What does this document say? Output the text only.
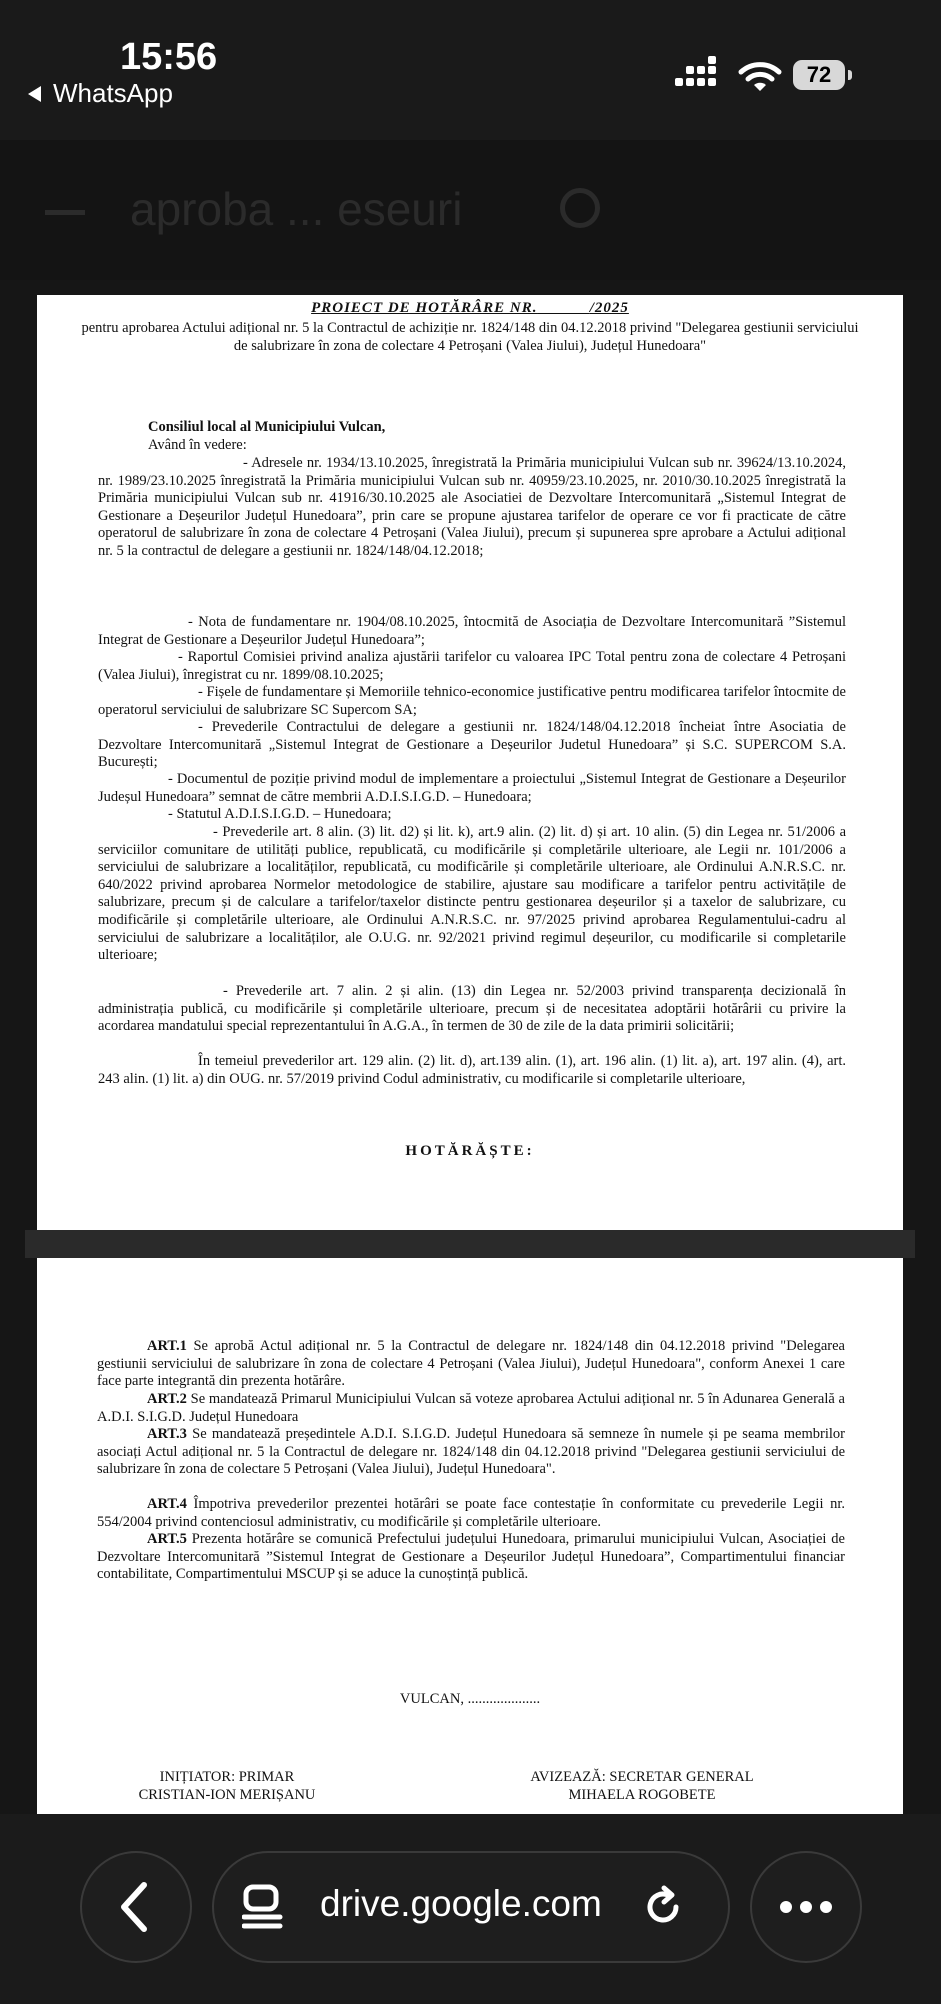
15:56
WhatsApp
72
aproba ... eseuri
PROIECT DE HOTĂRÂRE NR.	/2025
pentru aprobarea Actului adițional nr. 5 la Contractul de achiziție nr. 1824/148 din 04.12.2018 privind "Delegarea gestiunii serviciului de salubrizare în zona de colectare 4 Petroșani (Valea Jiului), Județul Hunedoara"
Consiliul local al Municipiului Vulcan,
Având în vedere:
- Adresele nr. 1934/13.10.2025, înregistrată la Primăria municipiului Vulcan sub nr. 39624/13.10.2024, nr. 1989/23.10.2025 înregistrată la Primăria municipiului Vulcan sub nr. 40959/23.10.2025, nr. 2010/30.10.2025 înregistrată la Primăria municipiului Vulcan sub nr. 41916/30.10.2025 ale Asociatiei de Dezvoltare Intercomunitară „Sistemul Integrat de Gestionare a Deșeurilor Județul Hunedoara”, prin care se propune ajustarea tarifelor de operare ce vor fi practicate de către operatorul de salubrizare în zona de colectare 4 Petroșani (Valea Jiului), precum și supunerea spre aprobare a Actului adițional nr. 5 la contractul de delegare a gestiunii nr. 1824/148/04.12.2018;
- Nota de fundamentare nr. 1904/08.10.2025, întocmită de Asociația de Dezvoltare Intercomunitară ”Sistemul Integrat de Gestionare a Deșeurilor Județul Hunedoara”;
- Raportul Comisiei privind analiza ajustării tarifelor cu valoarea IPC Total pentru zona de colectare 4 Petroșani (Valea Jiului), înregistrat cu nr. 1899/08.10.2025;
- Fișele de fundamentare și Memoriile tehnico-economice justificative pentru modificarea tarifelor întocmite de operatorul serviciului de salubrizare SC Supercom SA;
- Prevederile Contractului de delegare a gestiunii nr. 1824/148/04.12.2018 încheiat între Asociatia de Dezvoltare Intercomunitară „Sistemul Integrat de Gestionare a Deșeurilor Judetul Hunedoara” și S.C. SUPERCOM S.A. București;
- Documentul de poziție privind modul de implementare a proiectului „Sistemul Integrat de Gestionare a Deșeurilor Judeșul Hunedoara” semnat de către membrii A.D.I.S.I.G.D. – Hunedoara;
- Statutul A.D.I.S.I.G.D. – Hunedoara;
- Prevederile art. 8 alin. (3) lit. d2) și lit. k), art.9 alin. (2) lit. d) și art. 10 alin. (5) din Legea nr. 51/2006 a serviciilor comunitare de utilități publice, republicată, cu modificările și completările ulterioare, ale Legii nr. 101/2006 a serviciului de salubrizare a localităților, republicată, cu modificările și completările ulterioare, ale Ordinului A.N.R.S.C. nr. 640/2022 privind aprobarea Normelor metodologice de stabilire, ajustare sau modificare a tarifelor pentru activitățile de salubrizare, precum și de calculare a tarifelor/taxelor distincte pentru gestionarea deșeurilor și a taxelor de salubrizare, cu modificările și completările ulterioare, ale Ordinului A.N.R.S.C. nr. 97/2025 privind aprobarea Regulamentului-cadru al serviciului de salubrizare a localităților, ale O.U.G. nr. 92/2021 privind regimul deșeurilor, cu modificarile si completarile ulterioare;
- Prevederile art. 7 alin. 2 și alin. (13) din Legea nr. 52/2003 privind transparența decizională în administrația publică, cu modificările și completările ulterioare, precum și de necesitatea adoptării hotărârii cu privire la acordarea mandatului special reprezentantului în A.G.A., în termen de 30 de zile de la data primirii solicitării;
În temeiul prevederilor art. 129 alin. (2) lit. d), art.139 alin. (1), art. 196 alin. (1) lit. a), art. 197 alin. (4), art. 243 alin. (1) lit. a) din OUG. nr. 57/2019 privind Codul administrativ, cu modificarile si completarile ulterioare,
HOTĂRĂȘTE:
ART.1 Se aprobă Actul adițional nr. 5 la Contractul de delegare nr. 1824/148 din 04.12.2018 privind "Delegarea gestiunii serviciului de salubrizare în zona de colectare 4 Petroșani (Valea Jiului), Județul Hunedoara", conform Anexei 1 care face parte integrantă din prezenta hotărâre.
ART.2 Se mandatează Primarul Municipiului Vulcan să voteze aprobarea Actului adițional nr. 5 în Adunarea Generală a A.D.I. S.I.G.D. Județul Hunedoara
ART.3 Se mandatează președintele A.D.I. S.I.G.D. Județul Hunedoara să semneze în numele și pe seama membrilor asociați Actul adițional nr. 5 la Contractul de delegare nr. 1824/148 din 04.12.2018 privind "Delegarea gestiunii serviciului de salubrizare în zona de colectare 5 Petroșani (Valea Jiului), Județul Hunedoara".
ART.4 Împotriva prevederilor prezentei hotărâri se poate face contestație în conformitate cu prevederile Legii nr. 554/2004 privind contenciosul administrativ, cu modificările și completările ulterioare.
ART.5 Prezenta hotărâre se comunică Prefectului județului Hunedoara, primarului municipiului Vulcan, Asociației de Dezvoltare Intercomunitară ”Sistemul Integrat de Gestionare a Deșeurilor Județul Hunedoara”, Compartimentului financiar contabilitate, Compartimentului MSCUP și se aduce la cunoștință publică.
VULCAN, ....................
INIȚIATOR: PRIMAR
CRISTIAN-ION MERIȘANU
AVIZEAZĂ: SECRETAR GENERAL
MIHAELA ROGOBETE
drive.google.com
